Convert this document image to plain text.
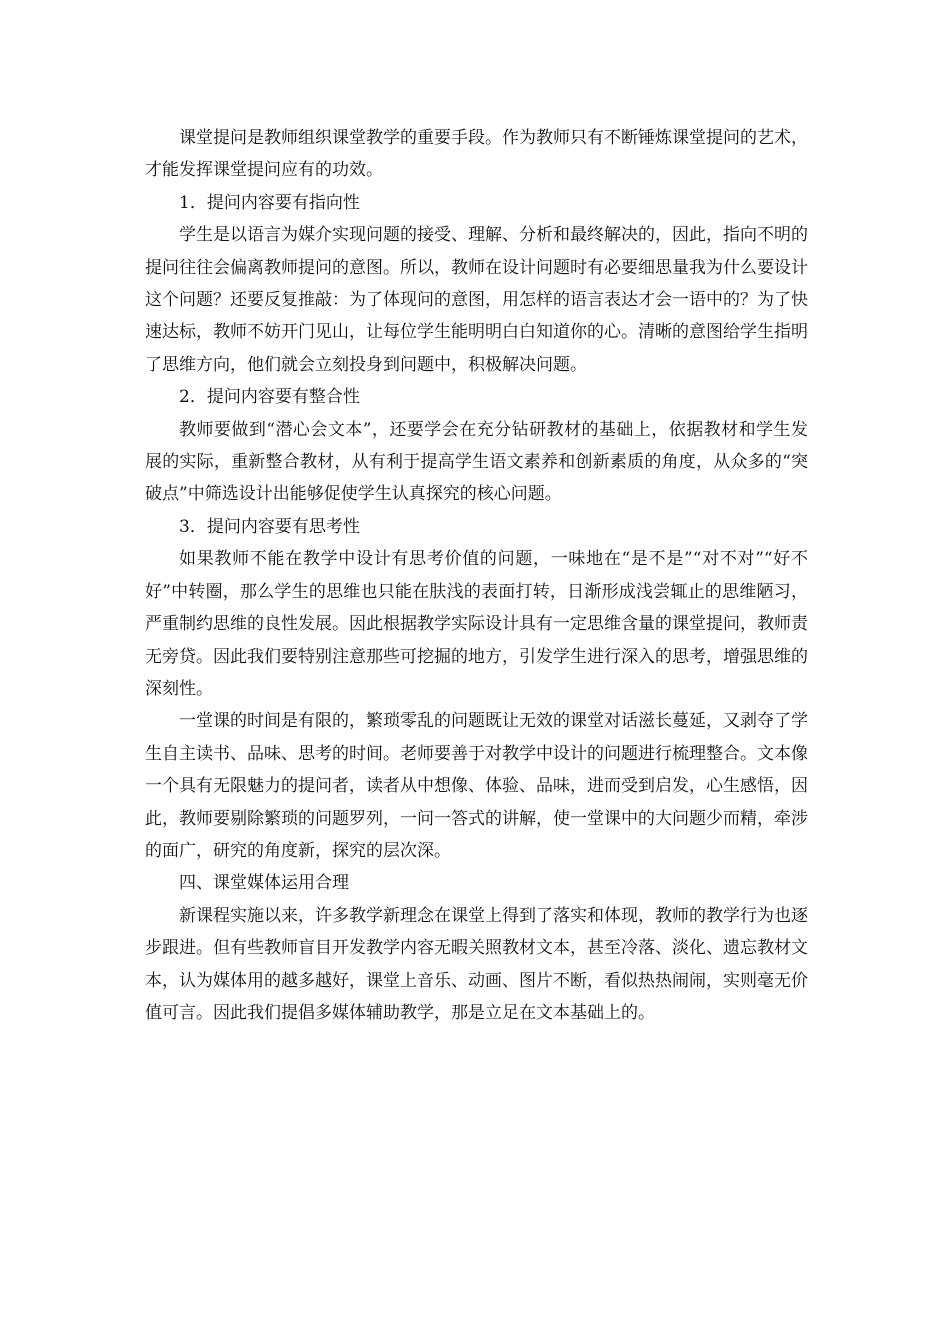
课堂提问是教师组织课堂教学的重要手段。作为教师只有不断锤炼课堂提问的艺术，才能发挥课堂提问应有的功效。

1．提问内容要有指向性

学生是以语言为媒介实现问题的接受、理解、分析和最终解决的，因此，指向不明的提问往往会偏离教师提问的意图。所以，教师在设计问题时有必要细思量我为什么要设计这个问题？还要反复推敲：为了体现问的意图，用怎样的语言表达才会一语中的？为了快速达标，教师不妨开门见山，让每位学生能明明白白知道你的心。清晰的意图给学生指明了思维方向，他们就会立刻投身到问题中，积极解决问题。

2．提问内容要有整合性

教师要做到“潜心会文本”，还要学会在充分钻研教材的基础上，依据教材和学生发展的实际，重新整合教材，从有利于提高学生语文素养和创新素质的角度，从众多的“突破点”中筛选设计出能够促使学生认真探究的核心问题。

3．提问内容要有思考性

如果教师不能在教学中设计有思考价值的问题，一味地在“是不是”“对不对”“好不好”中转圈，那么学生的思维也只能在肤浅的表面打转，日渐形成浅尝辄止的思维陋习，严重制约思维的良性发展。因此根据教学实际设计具有一定思维含量的课堂提问，教师责无旁贷。因此我们要特别注意那些可挖掘的地方，引发学生进行深入的思考，增强思维的深刻性。

一堂课的时间是有限的，繁琐零乱的问题既让无效的课堂对话滋长蔓延，又剥夺了学生自主读书、品味、思考的时间。老师要善于对教学中设计的问题进行梳理整合。文本像一个具有无限魅力的提问者，读者从中想像、体验、品味，进而受到启发，心生感悟，因此，教师要剔除繁琐的问题罗列，一问一答式的讲解，使一堂课中的大问题少而精，牵涉的面广，研究的角度新，探究的层次深。

四、课堂媒体运用合理

新课程实施以来，许多教学新理念在课堂上得到了落实和体现，教师的教学行为也逐步跟进。但有些教师盲目开发教学内容无暇关照教材文本，甚至冷落、淡化、遗忘教材文本，认为媒体用的越多越好，课堂上音乐、动画、图片不断，看似热热闹闹，实则毫无价值可言。因此我们提倡多媒体辅助教学，那是立足在文本基础上的。
